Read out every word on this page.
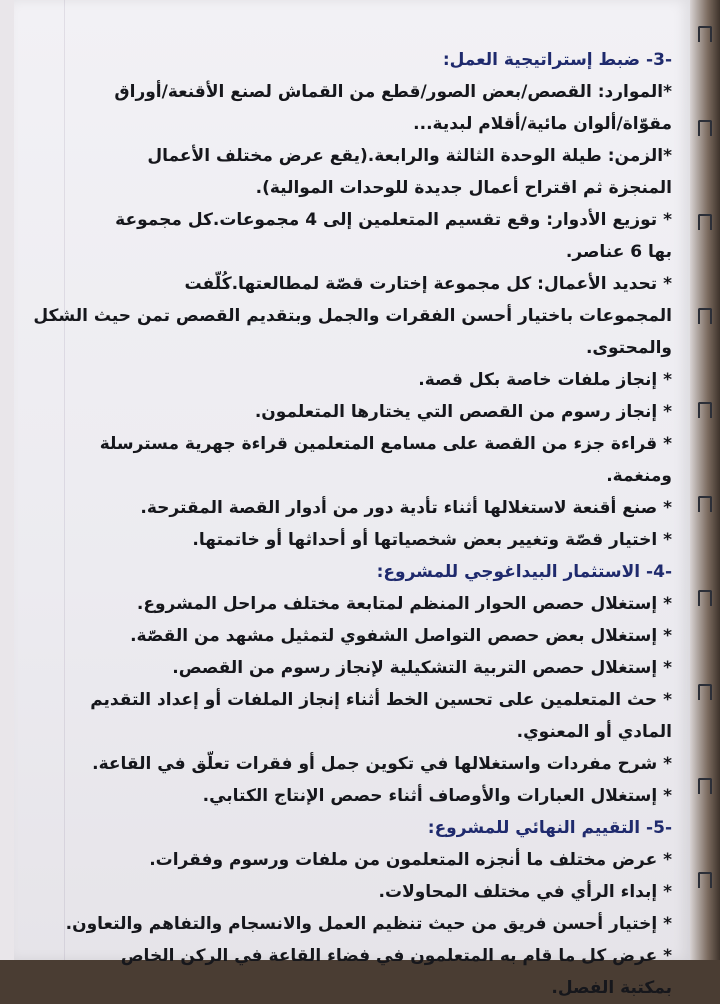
-3- ضبط إستراتيجية العمل:
*الموارد: القصص/بعض الصور/قطع من القماش لصنع الأقنعة/أوراق
مقوّاة/ألوان مائية/أقلام لبدية...
*الزمن: طيلة الوحدة الثالثة والرابعة.(يقع عرض مختلف الأعمال
المنجزة ثم اقتراح أعمال جديدة للوحدات الموالية).
* توزيع الأدوار: وقع تقسيم المتعلمين إلى 4 مجموعات.كل مجموعة
بها 6 عناصر.
* تحديد الأعمال: كل مجموعة إختارت قصّة لمطالعتها.كُلّفت
المجموعات باختيار أحسن الفقرات والجمل وبتقديم القصص تمن حيث الشكل
والمحتوى.
* إنجاز ملفات خاصة بكل قصة.
* إنجاز رسوم من القصص التي يختارها المتعلمون.
* قراءة جزء من القصة على مسامع المتعلمين قراءة جهرية مسترسلة
ومنغمة.
* صنع أقنعة لاستغلالها أثناء تأدية دور من أدوار القصة المقترحة.
* اختيار قصّة وتغيير بعض شخصياتها أو أحداثها أو خاتمتها.
-4- الاستثمار البيداغوجي للمشروع:
* إستغلال حصص الحوار المنظم لمتابعة مختلف مراحل المشروع.
* إستغلال بعض حصص التواصل الشفوي لتمثيل مشهد من القصّة.
* إستغلال حصص التربية التشكيلية لإنجاز رسوم من القصص.
* حث المتعلمين على تحسين الخط أثناء إنجاز الملفات أو إعداد التقديم
المادي أو المعنوي.
* شرح مفردات واستغلالها في تكوين جمل أو فقرات تعلّق في القاعة.
* إستغلال العبارات والأوصاف أثناء حصص الإنتاج الكتابي.
-5- التقييم النهائي للمشروع:
* عرض مختلف ما أنجزه المتعلمون من ملفات ورسوم وفقرات.
* إبداء الرأي في مختلف المحاولات.
* إختيار أحسن فريق من حيث تنظيم العمل والانسجام والتفاهم والتعاون.
* عرض كل ما قام به المتعلمون في فضاء القاعة في الركن الخاص
بمكتبة الفصل.
